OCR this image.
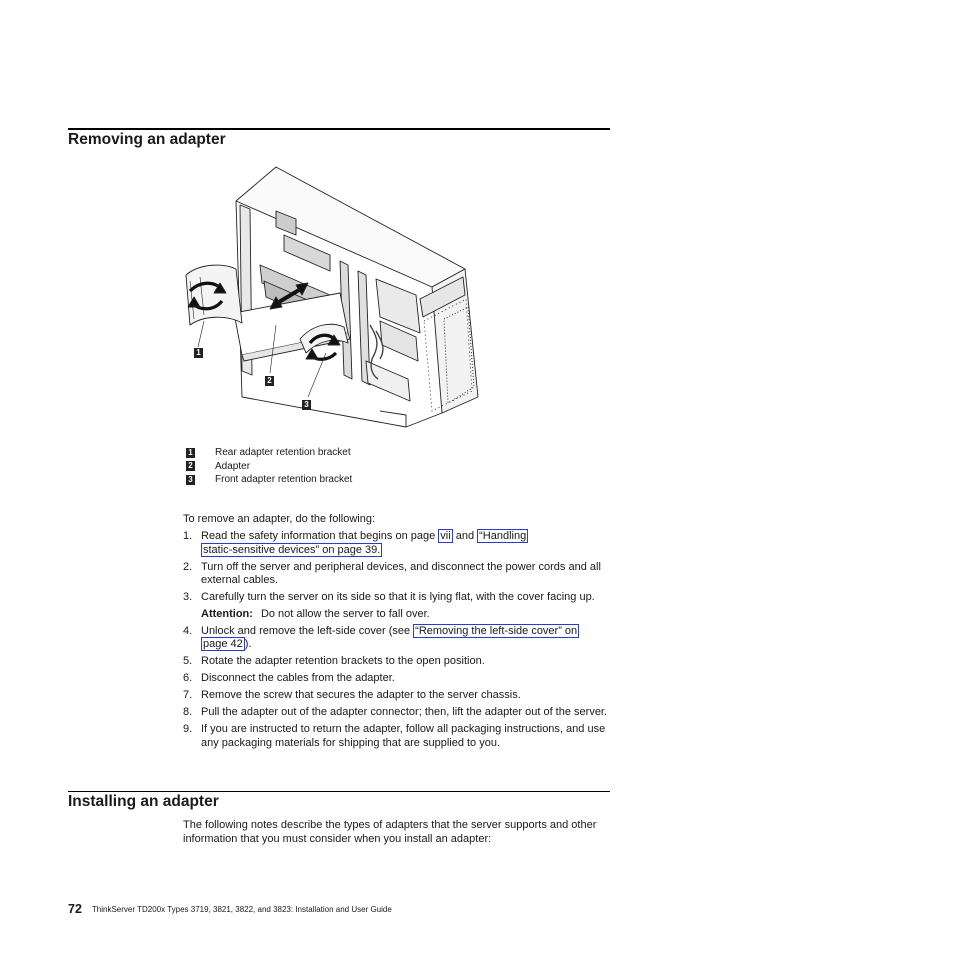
Removing an adapter
1
2
3
1 Rear adapter retention bracket
2 Adapter
3 Front adapter retention bracket
To remove an adapter, do the following:
1. Read the safety information that begins on page vii and “Handling
static-sensitive devices” on page 39.
2. Turn off the server and peripheral devices, and disconnect the power cords and all external cables.
3. Carefully turn the server on its side so that it is lying flat, with the cover facing up.
Attention: Do not allow the server to fall over.
4. Unlock and remove the left-side cover (see “Removing the left-side cover” on
page 42 ).
5. Rotate the adapter retention brackets to the open position.
6. Disconnect the cables from the adapter.
7. Remove the screw that secures the adapter to the server chassis.
8. Pull the adapter out of the adapter connector; then, lift the adapter out of the server.
9. If you are instructed to return the adapter, follow all packaging instructions, and use any packaging materials for shipping that are supplied to you.
Installing an adapter
The following notes describe the types of adapters that the server supports and other information that you must consider when you install an adapter:
72 ThinkServer TD200x Types 3719, 3821, 3822, and 3823: Installation and User Guide
